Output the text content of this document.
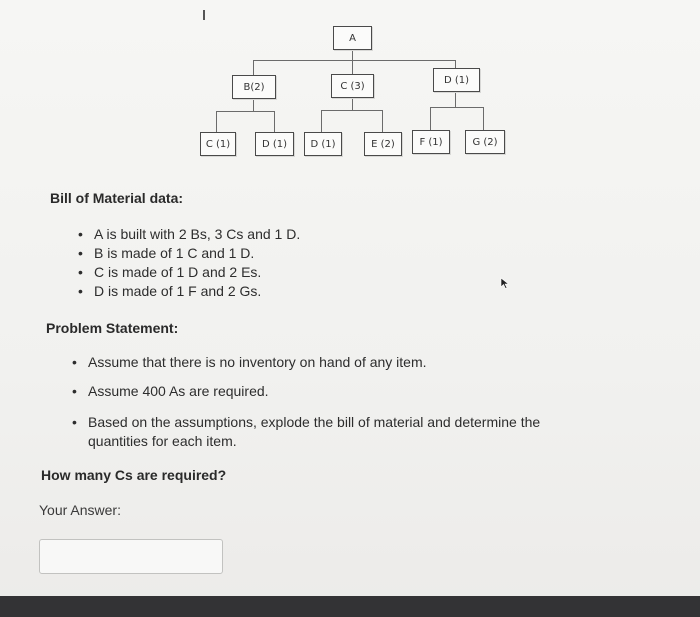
A
B(2)	C (3)
D (1)
C (1)	D (1)	D (1)	E (2)	F (1)	G (2)
Bill of Material data:
• A is built with 2 Bs, 3 Cs and 1 D.
• B is made of 1 C and 1 D.
• C is made of 1 D and 2 Es.
• D is made of 1 F and 2 Gs.
Problem Statement:
• Assume that there is no inventory on hand of any item.
• Assume 400 As are required.
• Based on the assumptions, explode the bill of material and determine the
quantities for each item.
How many Cs are required?
Your Answer:
